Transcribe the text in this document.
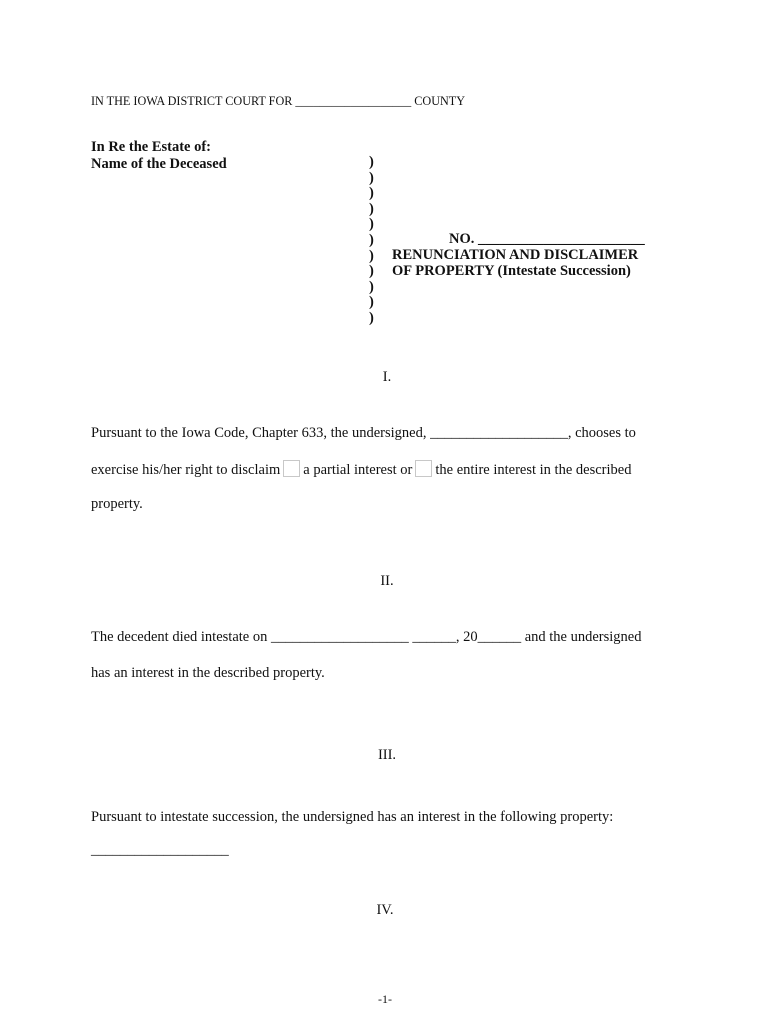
IN THE IOWA DISTRICT COURT FOR ___________________ COUNTY
In Re the Estate of:
Name of the Deceased	)
)
)
)
)
)
)
)
)
)
)
NO. _______________________
RENUNCIATION AND DISCLAIMER
OF PROPERTY (Intestate Succession)
I.
Pursuant to the Iowa Code, Chapter 633, the undersigned, ___________________, chooses to
exercise his/her right to disclaim a partial interest or the entire interest in the described
property.
II.
The decedent died intestate on ___________________ ______, 20______ and the undersigned
has an interest in the described property.
III.
Pursuant to intestate succession, the undersigned has an interest in the following property:
___________________
IV.
-1-
